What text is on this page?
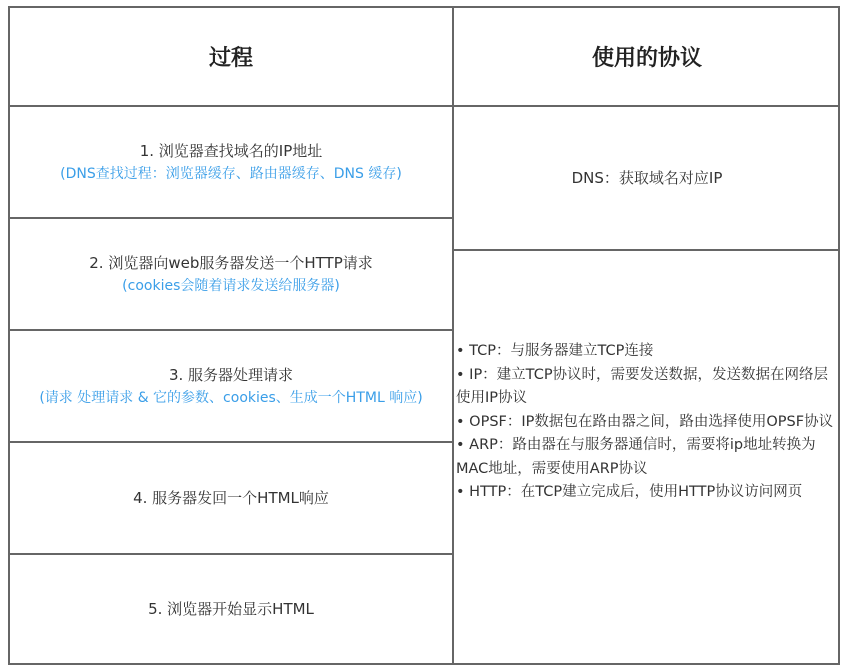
过程	使用的协议
1. 浏览器查找域名的IP地址
(DNS查找过程：浏览器缓存、路由器缓存、DNS 缓存)
2. 浏览器向web服务器发送一个HTTP请求
(cookies会随着请求发送给服务器)
3. 服务器处理请求
(请求 处理请求 & 它的参数、cookies、生成一个HTML 响应)
4. 服务器发回一个HTML响应
5. 浏览器开始显示HTML
DNS：获取域名对应IP
• TCP：与服务器建立TCP连接
• IP：建立TCP协议时，需要发送数据，发送数据在网络层使用IP协议
• OPSF：IP数据包在路由器之间，路由选择使用OPSF协议
• ARP：路由器在与服务器通信时，需要将ip地址转换为MAC地址，需要使用ARP协议
• HTTP：在TCP建立完成后，使用HTTP协议访问网页
